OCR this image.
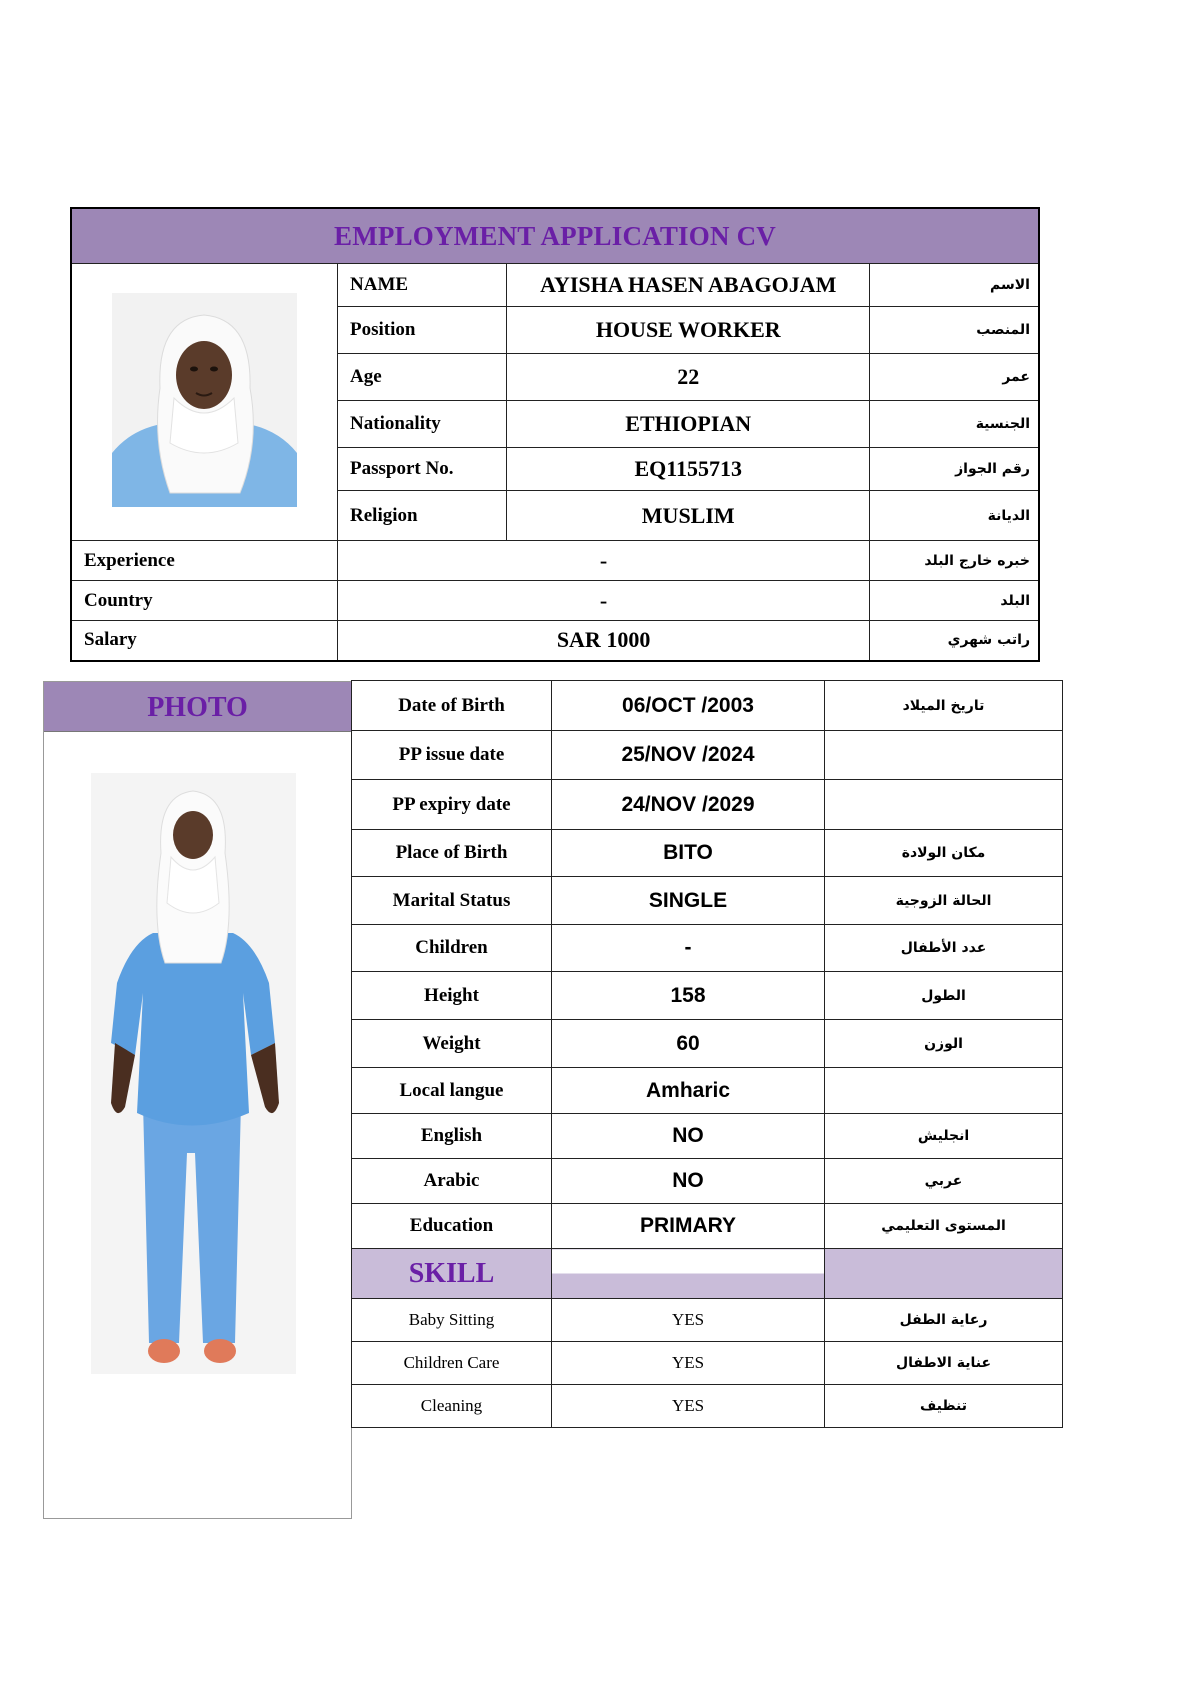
EMPLOYMENT APPLICATION CV			
	NAME	AYISHA HASEN ABAGOJAM	الاسم
	Position	HOUSE WORKER	المنصب
	Age	22	عمر
	Nationality	ETHIOPIAN	الجنسية
	Passport No.	EQ1155713	رقم الجواز
	Religion	MUSLIM	الديانة
Experience	-		خبره خارج البلد
Country	-		البلد
Salary	SAR 1000		راتب شهري
PHOTO	Date of Birth	06/OCT /2003	تاريخ الميلاد
PP issue date	25/NOV /2024	
PP expiry date	24/NOV /2029	
Place of Birth	BITO	مكان الولادة
Marital Status	SINGLE	الحالة الزوجية
Children	-	عدد الأطفال
Height	158	الطول
Weight	60	الوزن
Local langue	Amharic	
English	NO	انجليش
Arabic	NO	عربي
Education	PRIMARY	المستوى التعليمي
SKILL		
Baby Sitting	YES	رعاية الطفل
Children Care	YES	عناية الاطفال
Cleaning	YES	تنظيف
